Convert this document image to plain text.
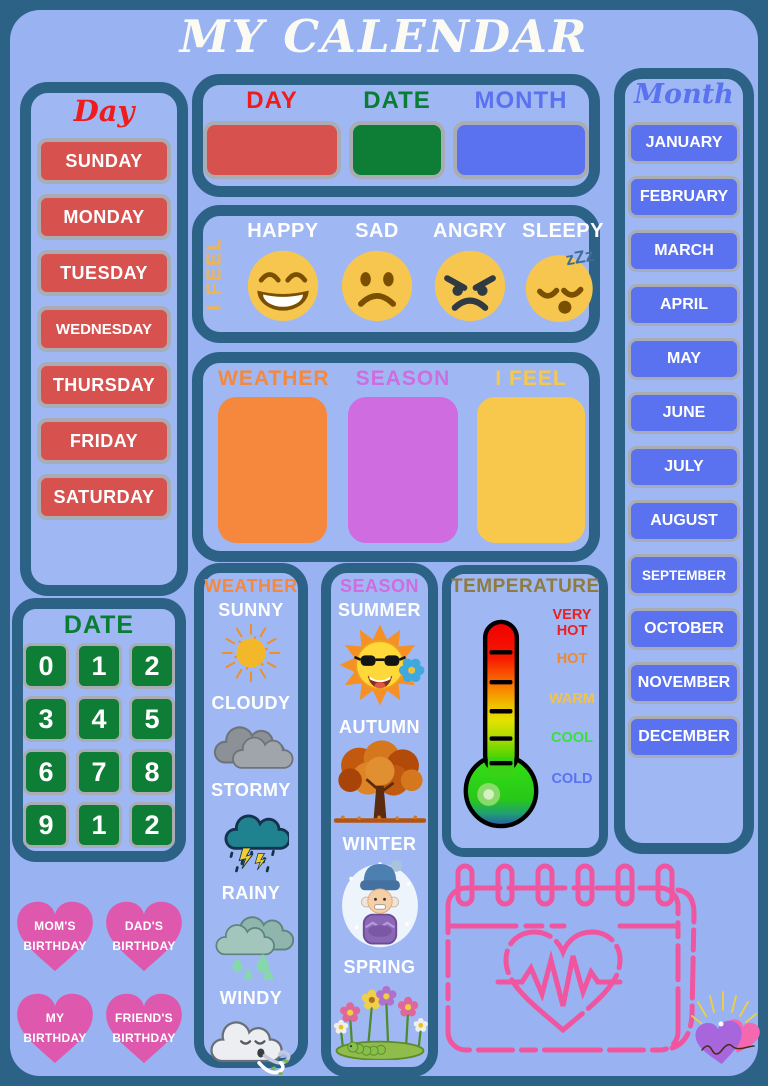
MY CALENDAR
Day
SUNDAY
MONDAY
TUESDAY
WEDNESDAY
THURSDAY
FRIDAY
SATURDAY
DAY	DATE	MONTH
I FEEL
HAPPY	SAD	ANGRY SLEEPY
zZz
WEATHER	SEASON	I FEEL
Month
JANUARY
FEBRUARY
MARCH
APRIL
MAY
JUNE
JULY
AUGUST
SEPTEMBER
OCTOBER
NOVEMBER
DECEMBER
DATE
0	1	2
3	4	5
6	7	8
9	1	2
WEATHER
SUNNY
CLOUDY
STORMY
RAINY
WINDY
SEASON
SUMMER
AUTUMN
WINTER
SPRING
TEMPERATURE
VERY HOT
HOT
WARM
COOL
COLD
MOM'S BIRTHDAY
DAD'S BIRTHDAY
MY BIRTHDAY
FRIEND'S BIRTHDAY
